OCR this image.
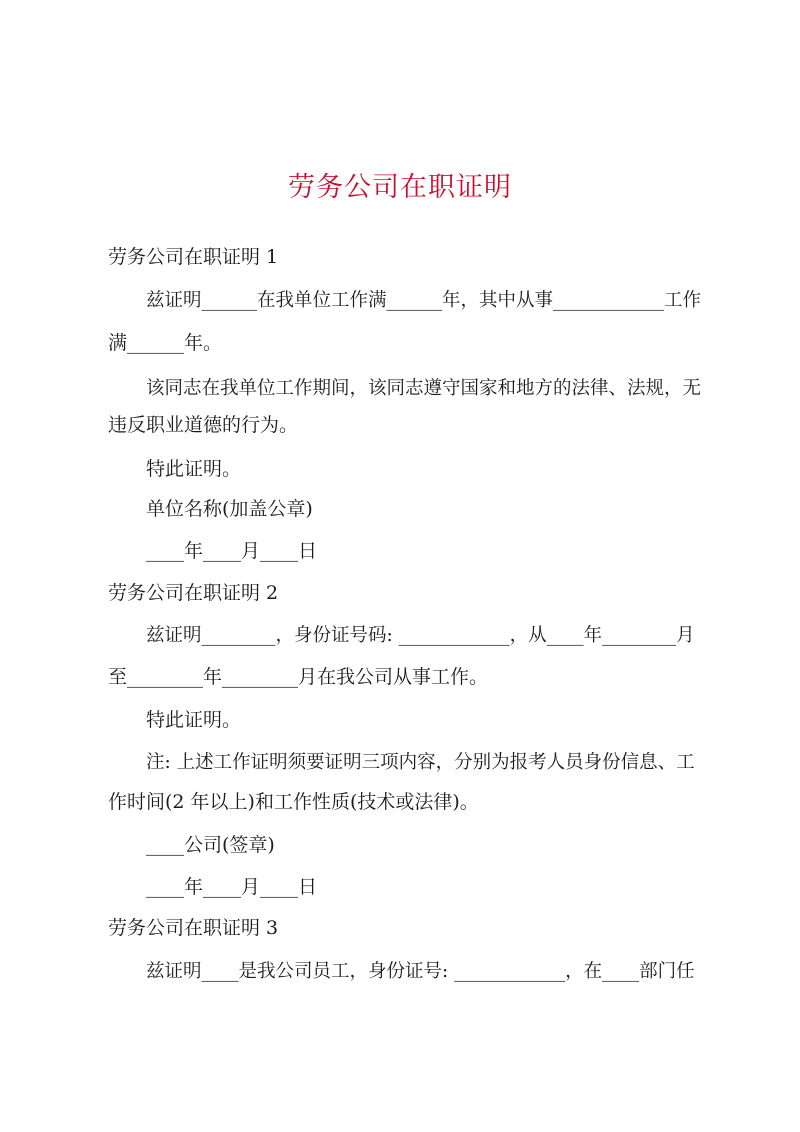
劳务公司在职证明

劳务公司在职证明 1

兹证明______在我单位工作满______年，其中从事____________工作

满______年。

该同志在我单位工作期间，该同志遵守国家和地方的法律、法规，无

违反职业道德的行为。

特此证明。

单位名称(加盖公章)

____年____月____日

劳务公司在职证明 2

兹证明________，身份证号码: ____________，从____年________月

至________年________月在我公司从事工作。

特此证明。

注: 上述工作证明须要证明三项内容，分别为报考人员身份信息、工

作时间(2 年以上)和工作性质(技术或法律)。

____公司(签章)

____年____月____日

劳务公司在职证明 3

兹证明____是我公司员工，身份证号: ____________，在____部门任
